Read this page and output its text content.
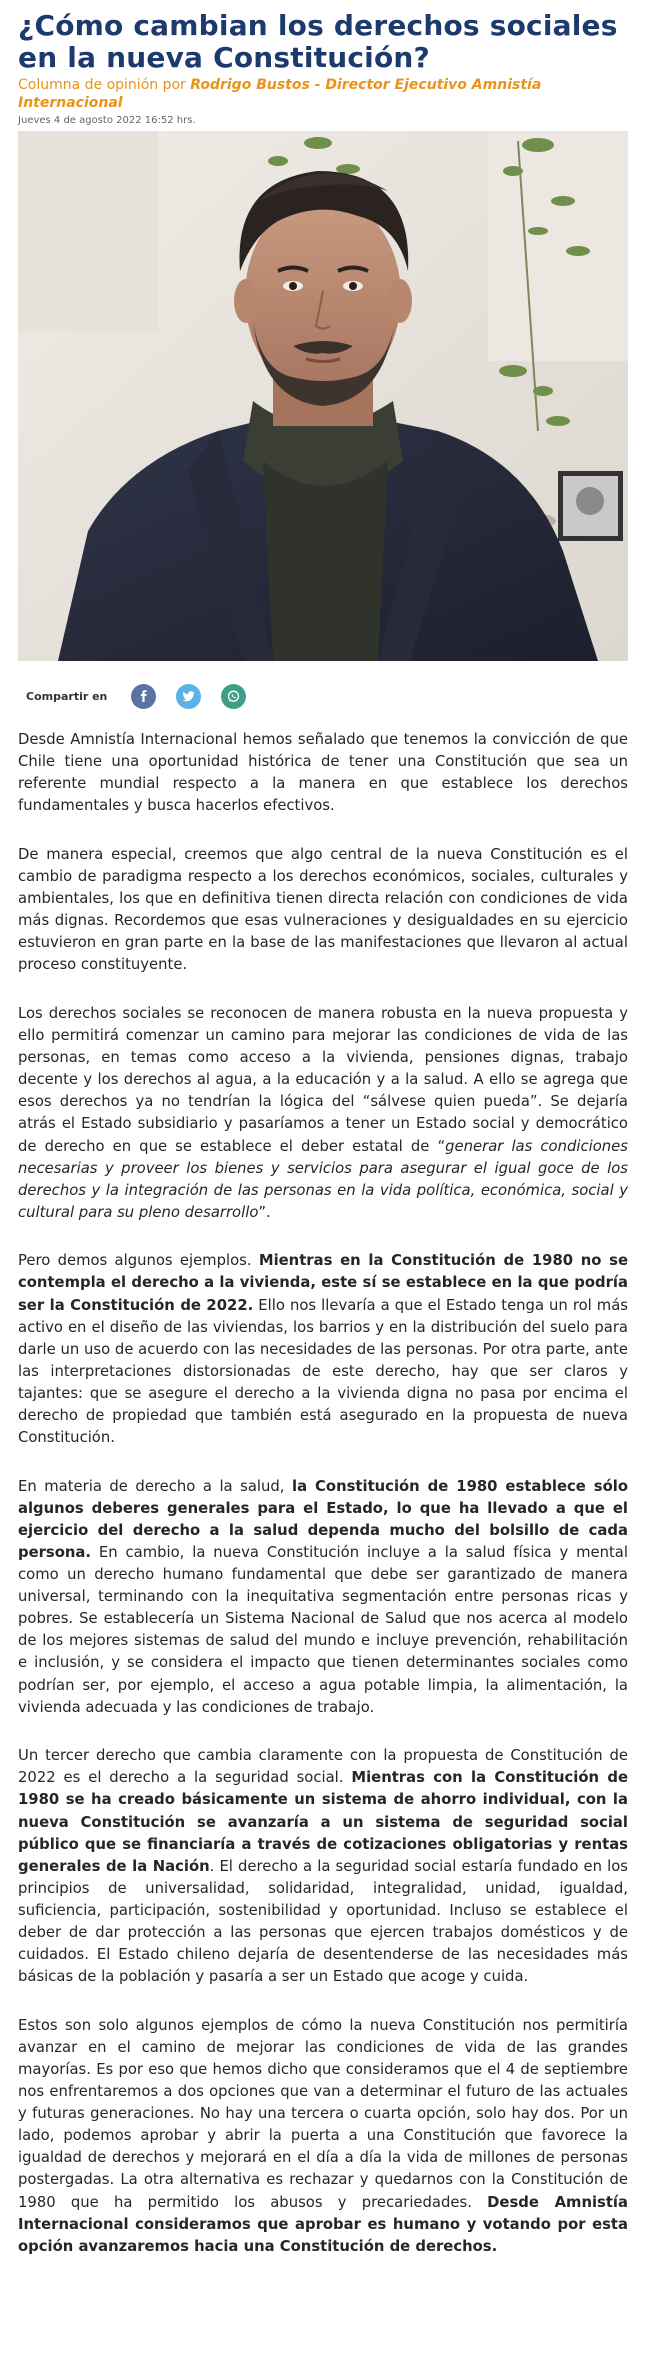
¿Cómo cambian los derechos sociales en la nueva Constitución?
Columna de opinión por Rodrigo Bustos - Director Ejecutivo Amnistía Internacional
Jueves 4 de agosto 2022 16:52 hrs.
Compartir en

Desde Amnistía Internacional hemos señalado que tenemos la convicción de que Chile tiene una oportunidad histórica de tener una Constitución que sea un referente mundial respecto a la manera en que establece los derechos fundamentales y busca hacerlos efectivos.

De manera especial, creemos que algo central de la nueva Constitución es el cambio de paradigma respecto a los derechos económicos, sociales, culturales y ambientales, los que en definitiva tienen directa relación con condiciones de vida más dignas. Recordemos que esas vulneraciones y desigualdades en su ejercicio estuvieron en gran parte en la base de las manifestaciones que llevaron al actual proceso constituyente.

Los derechos sociales se reconocen de manera robusta en la nueva propuesta y ello permitirá comenzar un camino para mejorar las condiciones de vida de las personas, en temas como acceso a la vivienda, pensiones dignas, trabajo decente y los derechos al agua, a la educación y a la salud. A ello se agrega que esos derechos ya no tendrían la lógica del “sálvese quien pueda”. Se dejaría atrás el Estado subsidiario y pasaríamos a tener un Estado social y democrático de derecho en que se establece el deber estatal de “generar las condiciones necesarias y proveer los bienes y servicios para asegurar el igual goce de los derechos y la integración de las personas en la vida política, económica, social y cultural para su pleno desarrollo”.

Pero demos algunos ejemplos. Mientras en la Constitución de 1980 no se contempla el derecho a la vivienda, este sí se establece en la que podría ser la Constitución de 2022. Ello nos llevaría a que el Estado tenga un rol más activo en el diseño de las viviendas, los barrios y en la distribución del suelo para darle un uso de acuerdo con las necesidades de las personas. Por otra parte, ante las interpretaciones distorsionadas de este derecho, hay que ser claros y tajantes: que se asegure el derecho a la vivienda digna no pasa por encima el derecho de propiedad que también está asegurado en la propuesta de nueva Constitución.

En materia de derecho a la salud, la Constitución de 1980 establece sólo algunos deberes generales para el Estado, lo que ha llevado a que el ejercicio del derecho a la salud dependa mucho del bolsillo de cada persona. En cambio, la nueva Constitución incluye a la salud física y mental como un derecho humano fundamental que debe ser garantizado de manera universal, terminando con la inequitativa segmentación entre personas ricas y pobres. Se establecería un Sistema Nacional de Salud que nos acerca al modelo de los mejores sistemas de salud del mundo e incluye prevención, rehabilitación e inclusión, y se considera el impacto que tienen determinantes sociales como podrían ser, por ejemplo, el acceso a agua potable limpia, la alimentación, la vivienda adecuada y las condiciones de trabajo.

Un tercer derecho que cambia claramente con la propuesta de Constitución de 2022 es el derecho a la seguridad social. Mientras con la Constitución de 1980 se ha creado básicamente un sistema de ahorro individual, con la nueva Constitución se avanzaría a un sistema de seguridad social público que se financiaría a través de cotizaciones obligatorias y rentas generales de la Nación. El derecho a la seguridad social estaría fundado en los principios de universalidad, solidaridad, integralidad, unidad, igualdad, suficiencia, participación, sostenibilidad y oportunidad. Incluso se establece el deber de dar protección a las personas que ejercen trabajos domésticos y de cuidados. El Estado chileno dejaría de desentenderse de las necesidades más básicas de la población y pasaría a ser un Estado que acoge y cuida.

Estos son solo algunos ejemplos de cómo la nueva Constitución nos permitiría avanzar en el camino de mejorar las condiciones de vida de las grandes mayorías. Es por eso que hemos dicho que consideramos que el 4 de septiembre nos enfrentaremos a dos opciones que van a determinar el futuro de las actuales y futuras generaciones. No hay una tercera o cuarta opción, solo hay dos. Por un lado, podemos aprobar y abrir la puerta a una Constitución que favorece la igualdad de derechos y mejorará en el día a día la vida de millones de personas postergadas. La otra alternativa es rechazar y quedarnos con la Constitución de 1980 que ha permitido los abusos y precariedades. Desde Amnistía Internacional consideramos que aprobar es humano y votando por esta opción avanzaremos hacia una Constitución de derechos.
